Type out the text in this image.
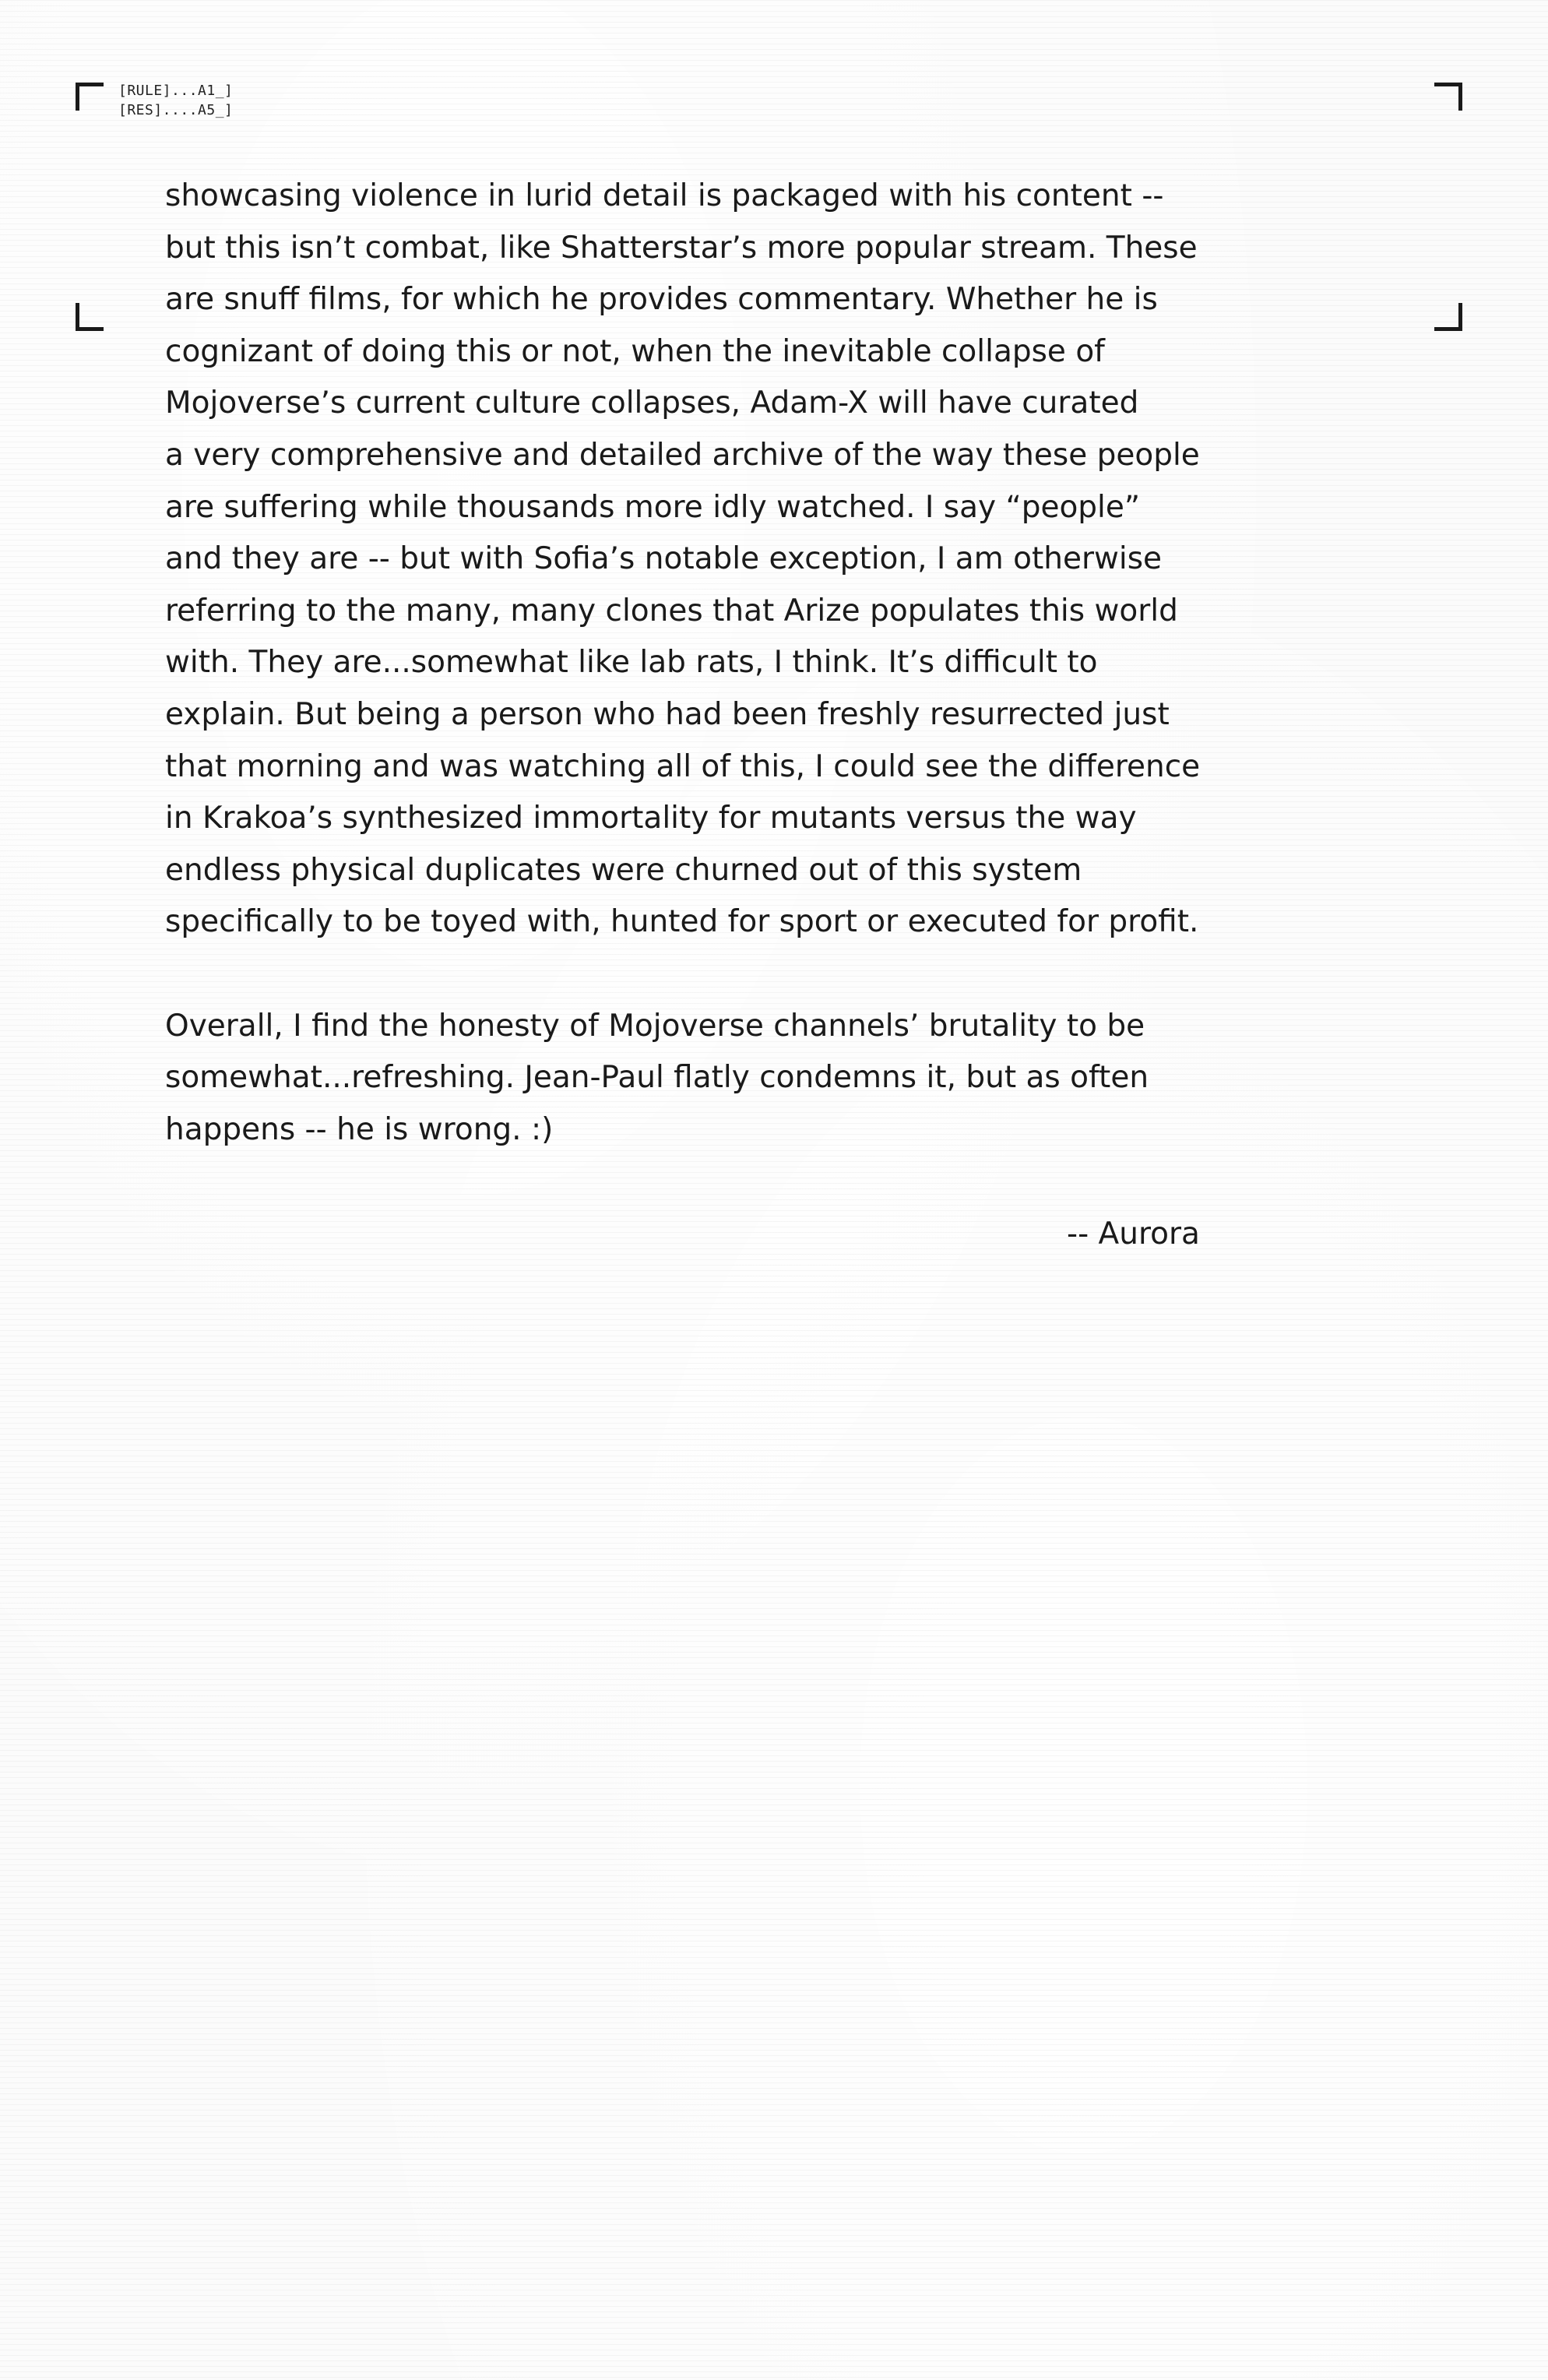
[RULE]...A1_]
[RES]....A5_]
showcasing violence in lurid detail is packaged with his content --
but this isn’t combat, like Shatterstar’s more popular stream. These
are snuff films, for which he provides commentary. Whether he is
cognizant of doing this or not, when the inevitable collapse of
Mojoverse’s current culture collapses, Adam-X will have curated
a very comprehensive and detailed archive of the way these people
are suffering while thousands more idly watched. I say “people”
and they are -- but with Sofia’s notable exception, I am otherwise
referring to the many, many clones that Arize populates this world
with. They are...somewhat like lab rats, I think. It’s difficult to
explain. But being a person who had been freshly resurrected just
that morning and was watching all of this, I could see the difference
in Krakoa’s synthesized immortality for mutants versus the way
endless physical duplicates were churned out of this system
specifically to be toyed with, hunted for sport or executed for profit.
Overall, I find the honesty of Mojoverse channels’ brutality to be
somewhat...refreshing. Jean-Paul flatly condemns it, but as often
happens -- he is wrong. :)
-- Aurora
